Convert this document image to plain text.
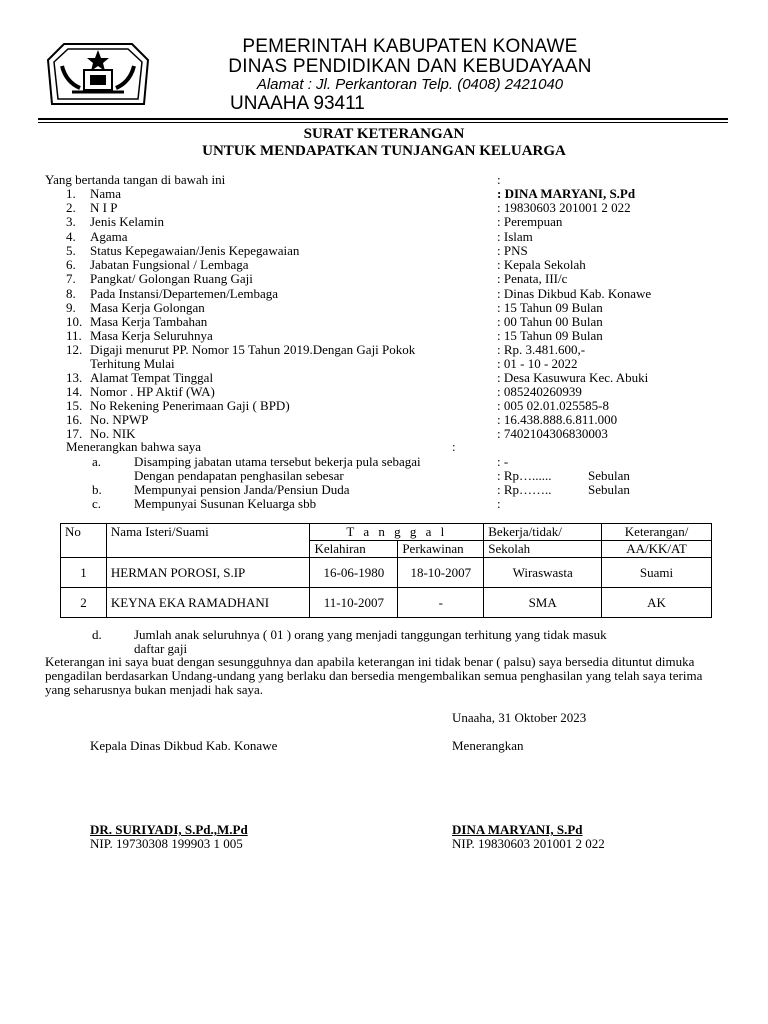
PEMERINTAH KABUPATEN KONAWE
DINAS PENDIDIKAN DAN KEBUDAYAAN
Alamat : Jl. Perkantoran Telp. (0408) 2421040
UNAAHA 93411
SURAT KETERANGAN
UNTUK MENDAPATKAN TUNJANGAN KELUARGA
Yang bertanda tangan di bawah ini	:
1. Nama	: DINA MARYANI, S.Pd
2. N I P	: 19830603 201001 2 022
3. Jenis Kelamin	: Perempuan
4. Agama	: Islam
5. Status Kepegawaian/Jenis Kepegawaian	: PNS
6. Jabatan Fungsional / Lembaga	: Kepala Sekolah
7. Pangkat/ Golongan Ruang Gaji	: Penata, III/c
8. Pada Instansi/Departemen/Lembaga	: Dinas Dikbud Kab. Konawe
9. Masa Kerja Golongan	: 15 Tahun 09 Bulan
10. Masa Kerja Tambahan	: 00 Tahun 00 Bulan
11. Masa Kerja Seluruhnya	: 15 Tahun 09 Bulan
12. Digaji menurut PP. Nomor 15 Tahun 2019.Dengan Gaji Pokok	: Rp. 3.481.600,-
Terhitung Mulai	: 01 - 10 - 2022
13. Alamat Tempat Tinggal	: Desa Kasuwura Kec. Abuki
14. Nomor . HP Aktif (WA)	: 085240260939
15. No Rekening Penerimaan Gaji ( BPD)	: 005 02.01.025585-8
16. No. NPWP	: 16.438.888.6.811.000
17. No. NIK	: 7402104306830003
Menerangkan bahwa saya	:
a.	Disamping jabatan utama tersebut bekerja pula sebagai	: -
Dengan pendapatan penghasilan sebesar	: Rp…......	Sebulan
b. Mempunyai pension Janda/Pensiun Duda	: Rp……..	Sebulan
c.	Mempunyai Susunan Keluarga sbb	:
No	Nama Isteri/Suami	T a n g g a l		Bekerja/tidak/	Keterangan/
		Kelahiran	Perkawinan	Sekolah	AA/KK/AT
1	HERMAN POROSI, S.IP	16-06-1980	18-10-2007	Wiraswasta	Suami
2	KEYNA EKA RAMADHANI	11-10-2007	-	SMA	AK
d. Jumlah anak seluruhnya ( 01 ) orang yang menjadi tanggungan terhitung yang tidak masuk
daftar gaji
Keterangan ini saya buat dengan sesungguhnya dan apabila keterangan ini tidak benar ( palsu) saya bersedia dituntut dimuka pengadilan berdasarkan Undang-undang yang berlaku dan bersedia mengembalikan semua penghasilan yang telah saya terima yang seharusnya bukan menjadi hak saya.
Unaaha, 31 Oktober 2023
Kepala Dinas Dikbud Kab. Konawe	Menerangkan
DR. SURIYADI, S.Pd.,M.Pd
NIP. 19730308 199903 1 005
DINA MARYANI, S.Pd
NIP. 19830603 201001 2 022
